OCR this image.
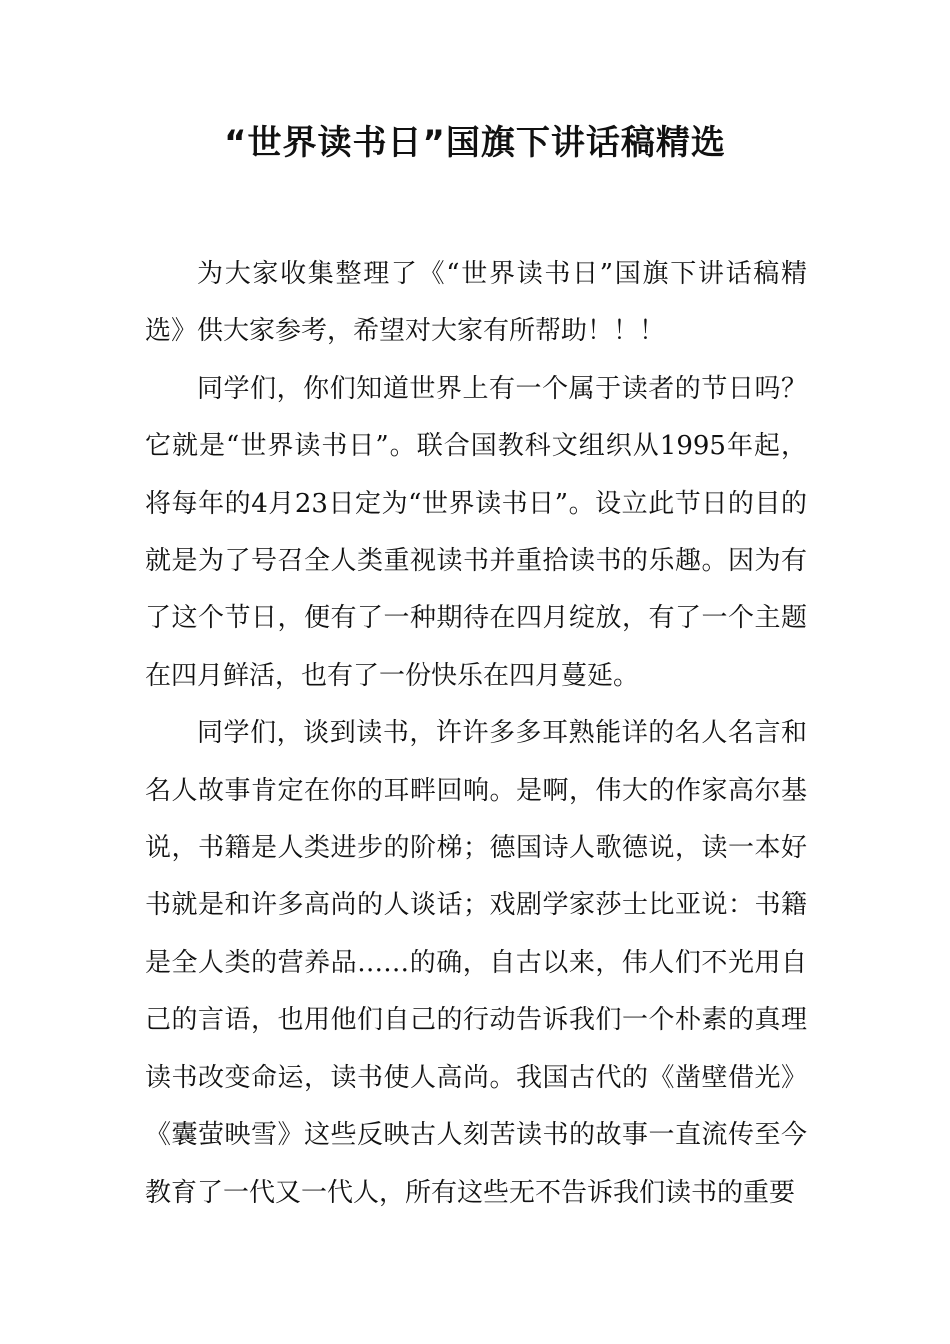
“世界读书日”国旗下讲话稿精选

为大家收集整理了《“世界读书日”国旗下讲话稿精选》供大家参考，希望对大家有所帮助！！！

同学们，你们知道世界上有一个属于读者的节日吗？它就是“世界读书日”。联合国教科文组织从1995年起，将每年的4月23日定为“世界读书日”。设立此节日的目的就是为了号召全人类重视读书并重拾读书的乐趣。因为有了这个节日，便有了一种期待在四月绽放，有了一个主题在四月鲜活，也有了一份快乐在四月蔓延。

同学们，谈到读书，许许多多耳熟能详的名人名言和名人故事肯定在你的耳畔回响。是啊，伟大的作家高尔基说，书籍是人类进步的阶梯；德国诗人歌德说，读一本好书就是和许多高尚的人谈话；戏剧学家莎士比亚说：书籍是全人类的营养品……的确，自古以来，伟人们不光用自己的言语，也用他们自己的行动告诉我们一个朴素的真理读书改变命运，读书使人高尚。我国古代的《凿壁借光》《囊萤映雪》这些反映古人刻苦读书的故事一直流传至今教育了一代又一代人，所有这些无不告诉我们读书的重要
